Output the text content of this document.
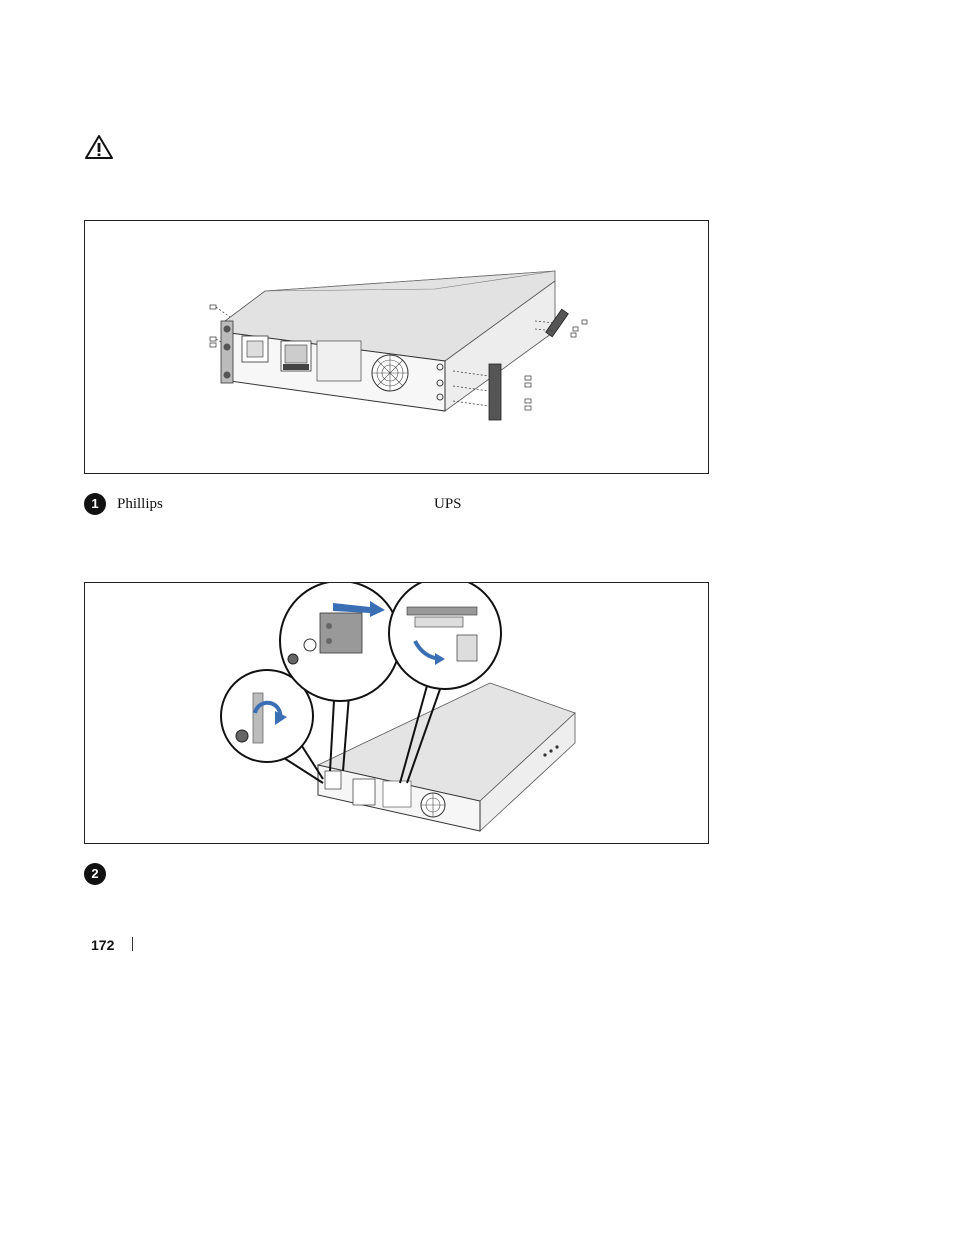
1	Phillips	UPS
2
172
